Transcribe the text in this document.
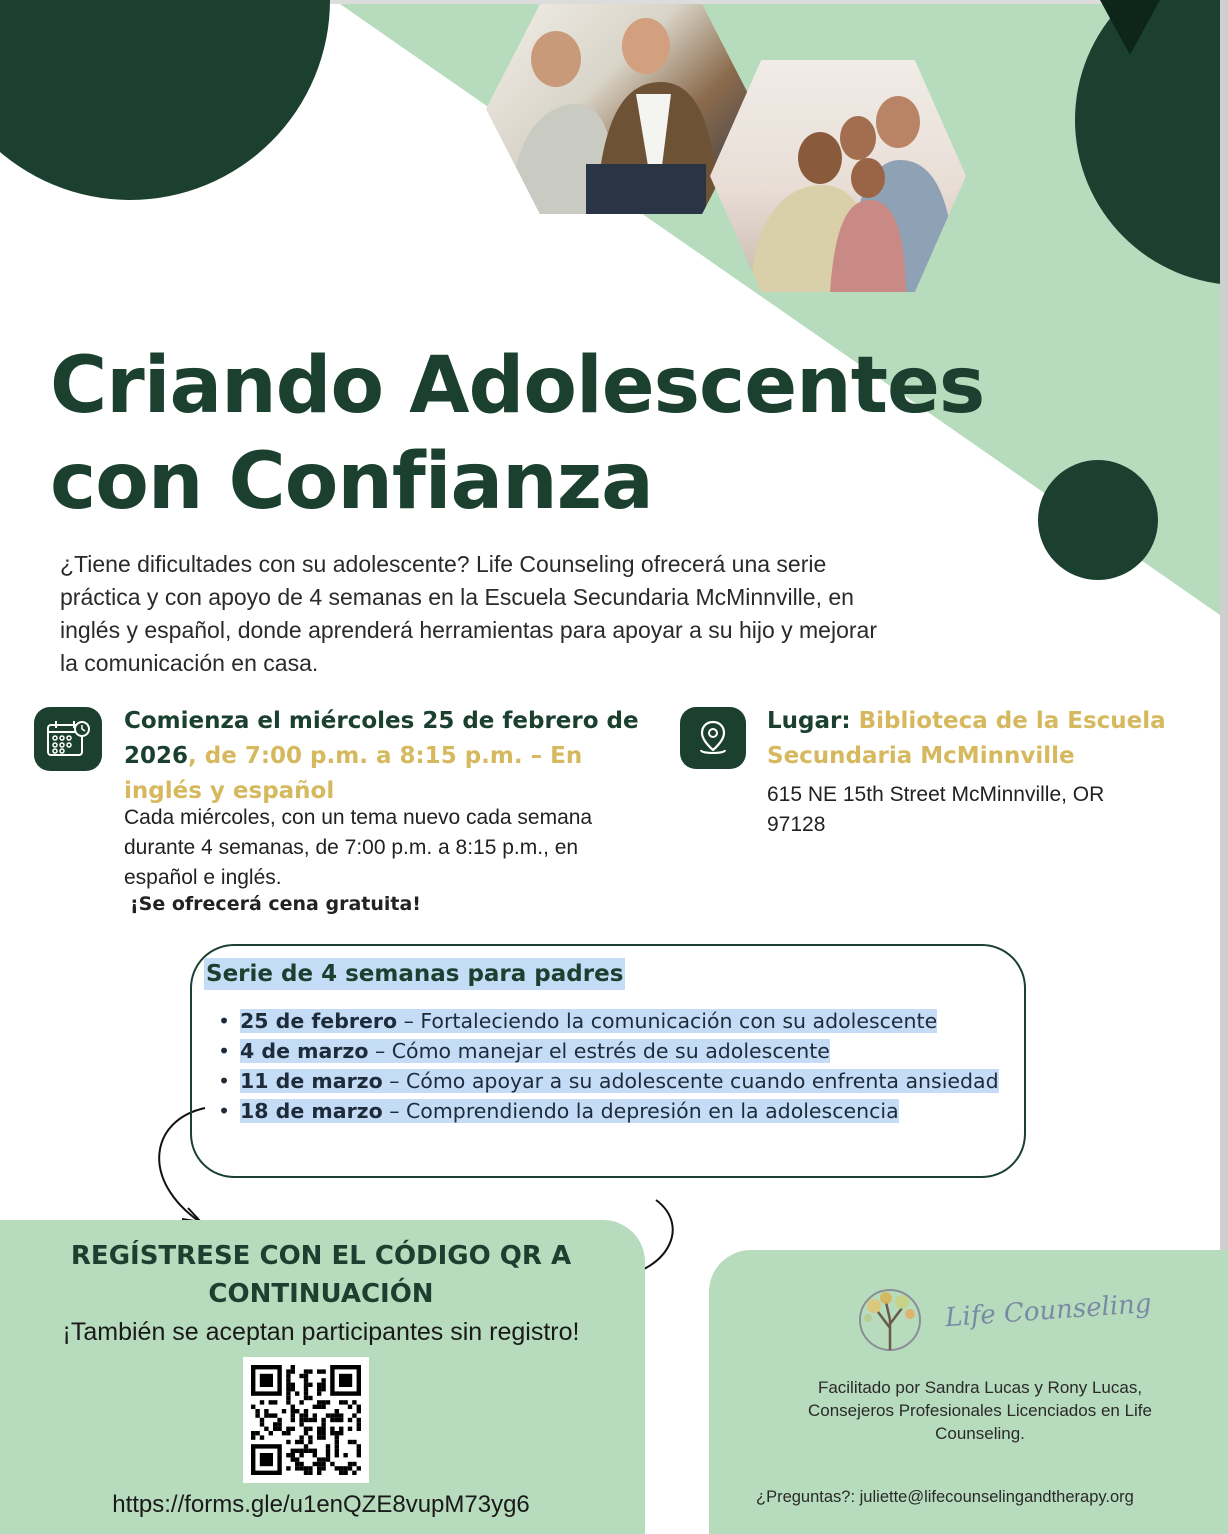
Criando Adolescentes
con Confianza

¿Tiene dificultades con su adolescente? Life Counseling ofrecerá una serie práctica y con apoyo de 4 semanas en la Escuela Secundaria McMinnville, en inglés y español, donde aprenderá herramientas para apoyar a su hijo y mejorar la comunicación en casa.

Comienza el miércoles 25 de febrero de 2026, de 7:00 p.m. a 8:15 p.m. – En inglés y español

Cada miércoles, con un tema nuevo cada semana durante 4 semanas, de 7:00 p.m. a 8:15 p.m., en español e inglés.

¡Se ofrecerá cena gratuita!

Lugar: Biblioteca de la Escuela Secundaria McMinnville

615 NE 15th Street McMinnville, OR 97128

Serie de 4 semanas para padres

• 25 de febrero – Fortaleciendo la comunicación con su adolescente
• 4 de marzo – Cómo manejar el estrés de su adolescente
• 11 de marzo – Cómo apoyar a su adolescente cuando enfrenta ansiedad
• 18 de marzo – Comprendiendo la depresión en la adolescencia

REGÍSTRESE CON EL CÓDIGO QR A
CONTINUACIÓN

¡También se aceptan participantes sin registro!

https://forms.gle/u1enQZE8vupM73yg6

Life Counseling

Facilitado por Sandra Lucas y Rony Lucas, Consejeros Profesionales Licenciados en Life Counseling.

¿Preguntas?: juliette@lifecounselingandtherapy.org
